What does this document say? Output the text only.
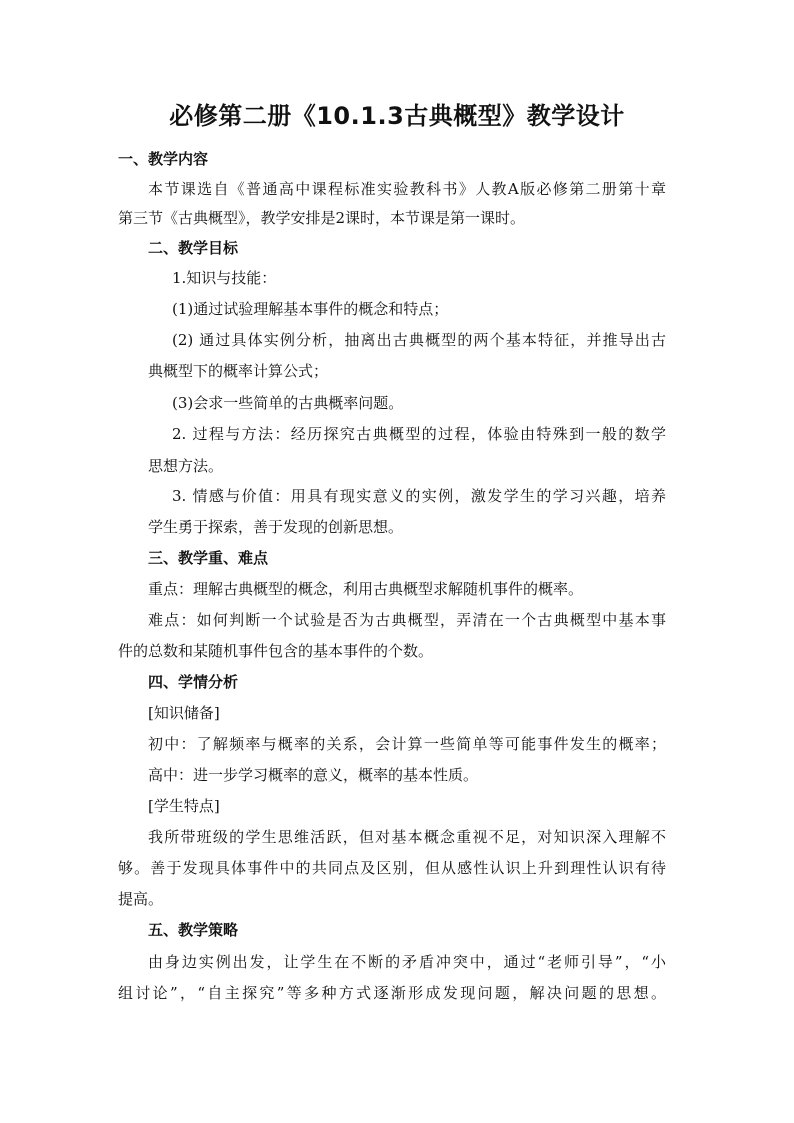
必修第二册《10.1.3古典概型》教学设计

一、教学内容

本节课选自《普通高中课程标准实验教科书》人教A版必修第二册第十章

第三节《古典概型》，教学安排是2课时，本节课是第一课时。

二、教学目标

1.知识与技能：

(1)通过试验理解基本事件的概念和特点；

(2) 通过具体实例分析，抽离出古典概型的两个基本特征，并推导出古

典概型下的概率计算公式；

(3)会求一些简单的古典概率问题。

2. 过程与方法：经历探究古典概型的过程，体验由特殊到一般的数学

思想方法。

3. 情感与价值：用具有现实意义的实例，激发学生的学习兴趣，培养

学生勇于探索，善于发现的创新思想。

三、教学重、难点

重点：理解古典概型的概念，利用古典概型求解随机事件的概率。

难点：如何判断一个试验是否为古典概型，弄清在一个古典概型中基本事

件的总数和某随机事件包含的基本事件的个数。

四、学情分析

[知识储备]

初中：了解频率与概率的关系，会计算一些简单等可能事件发生的概率；

高中：进一步学习概率的意义，概率的基本性质。

[学生特点]

我所带班级的学生思维活跃，但对基本概念重视不足，对知识深入理解不

够。善于发现具体事件中的共同点及区别，但从感性认识上升到理性认识有待

提高。

五、教学策略

由身边实例出发，让学生在不断的矛盾冲突中，通过“老师引导”，“小

组讨论”，“自主探究”等多种方式逐渐形成发现问题，解决问题的思想。
